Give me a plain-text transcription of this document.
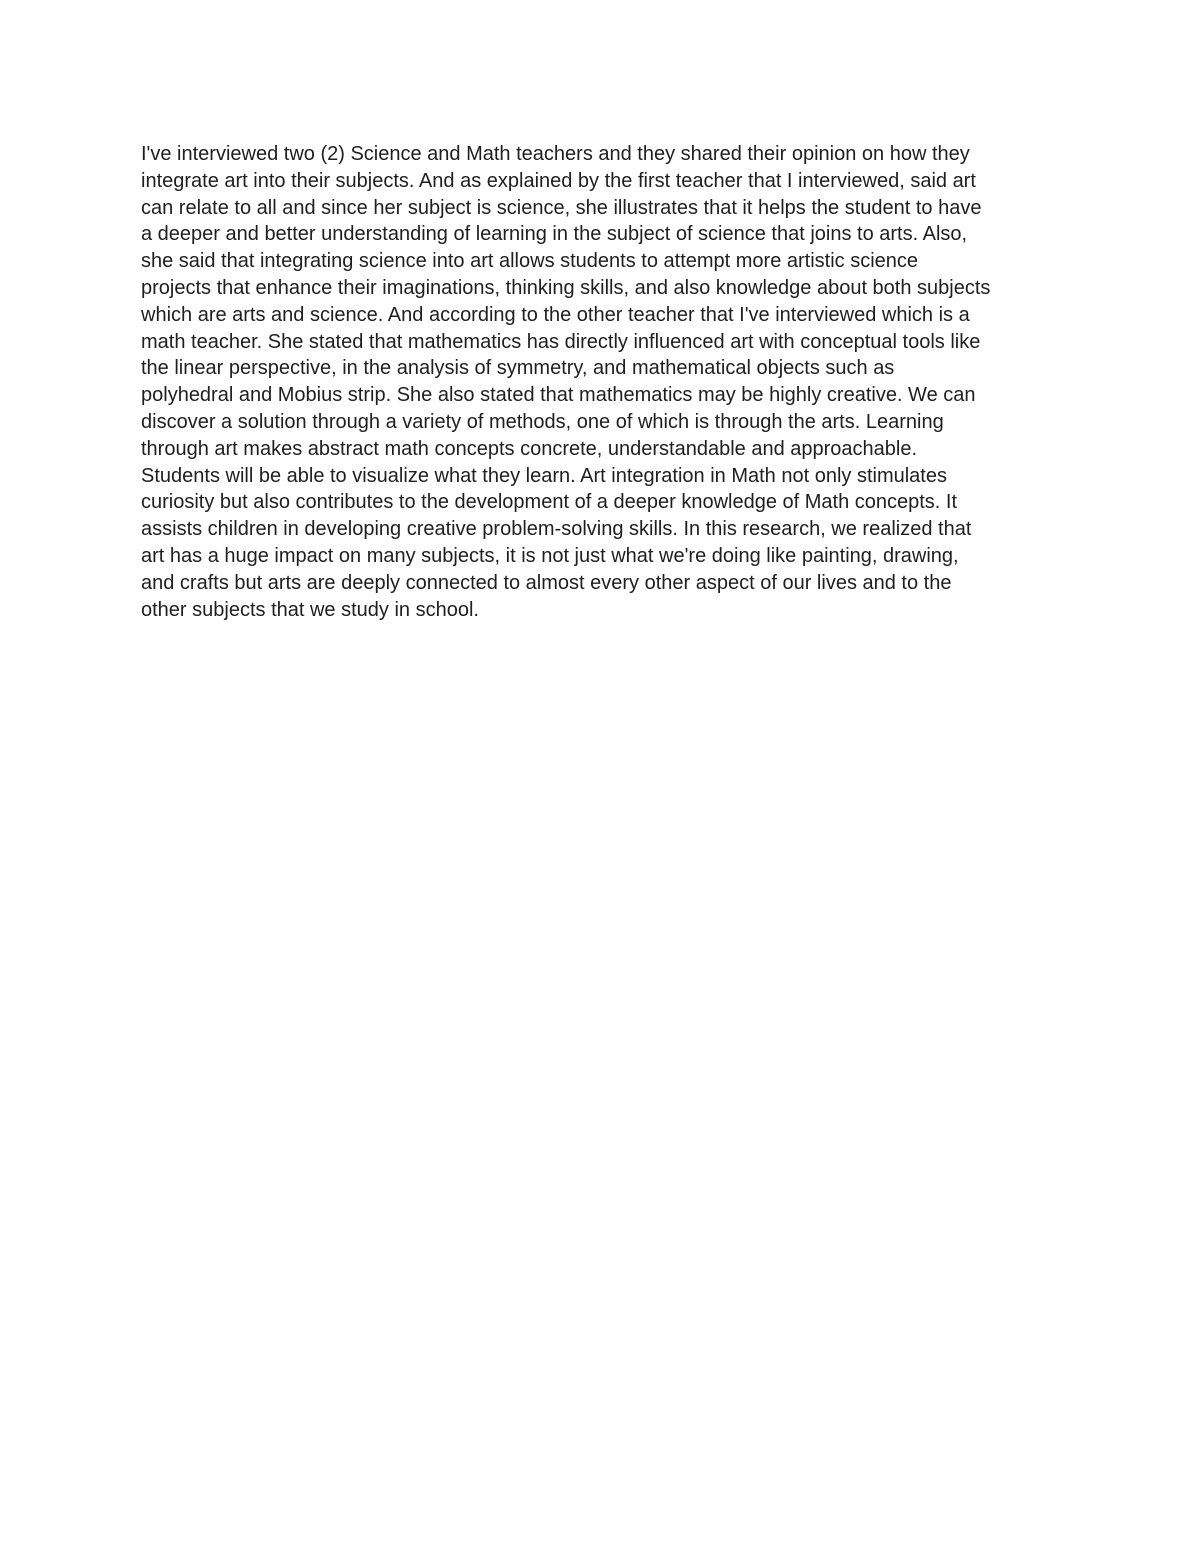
I've interviewed two (2) Science and Math teachers and they shared their opinion on how they
integrate art into their subjects. And as explained by the first teacher that I interviewed, said art
can relate to all and since her subject is science, she illustrates that it helps the student to have
a deeper and better understanding of learning in the subject of science that joins to arts. Also,
she said that integrating science into art allows students to attempt more artistic science
projects that enhance their imaginations, thinking skills, and also knowledge about both subjects
which are arts and science. And according to the other teacher that I've interviewed which is a
math teacher. She stated that mathematics has directly influenced art with conceptual tools like
the linear perspective, in the analysis of symmetry, and mathematical objects such as
polyhedral and Mobius strip. She also stated that mathematics may be highly creative. We can
discover a solution through a variety of methods, one of which is through the arts. Learning
through art makes abstract math concepts concrete, understandable and approachable.
Students will be able to visualize what they learn. Art integration in Math not only stimulates
curiosity but also contributes to the development of a deeper knowledge of Math concepts. It
assists children in developing creative problem-solving skills. In this research, we realized that
art has a huge impact on many subjects, it is not just what we're doing like painting, drawing,
and crafts but arts are deeply connected to almost every other aspect of our lives and to the
other subjects that we study in school.
